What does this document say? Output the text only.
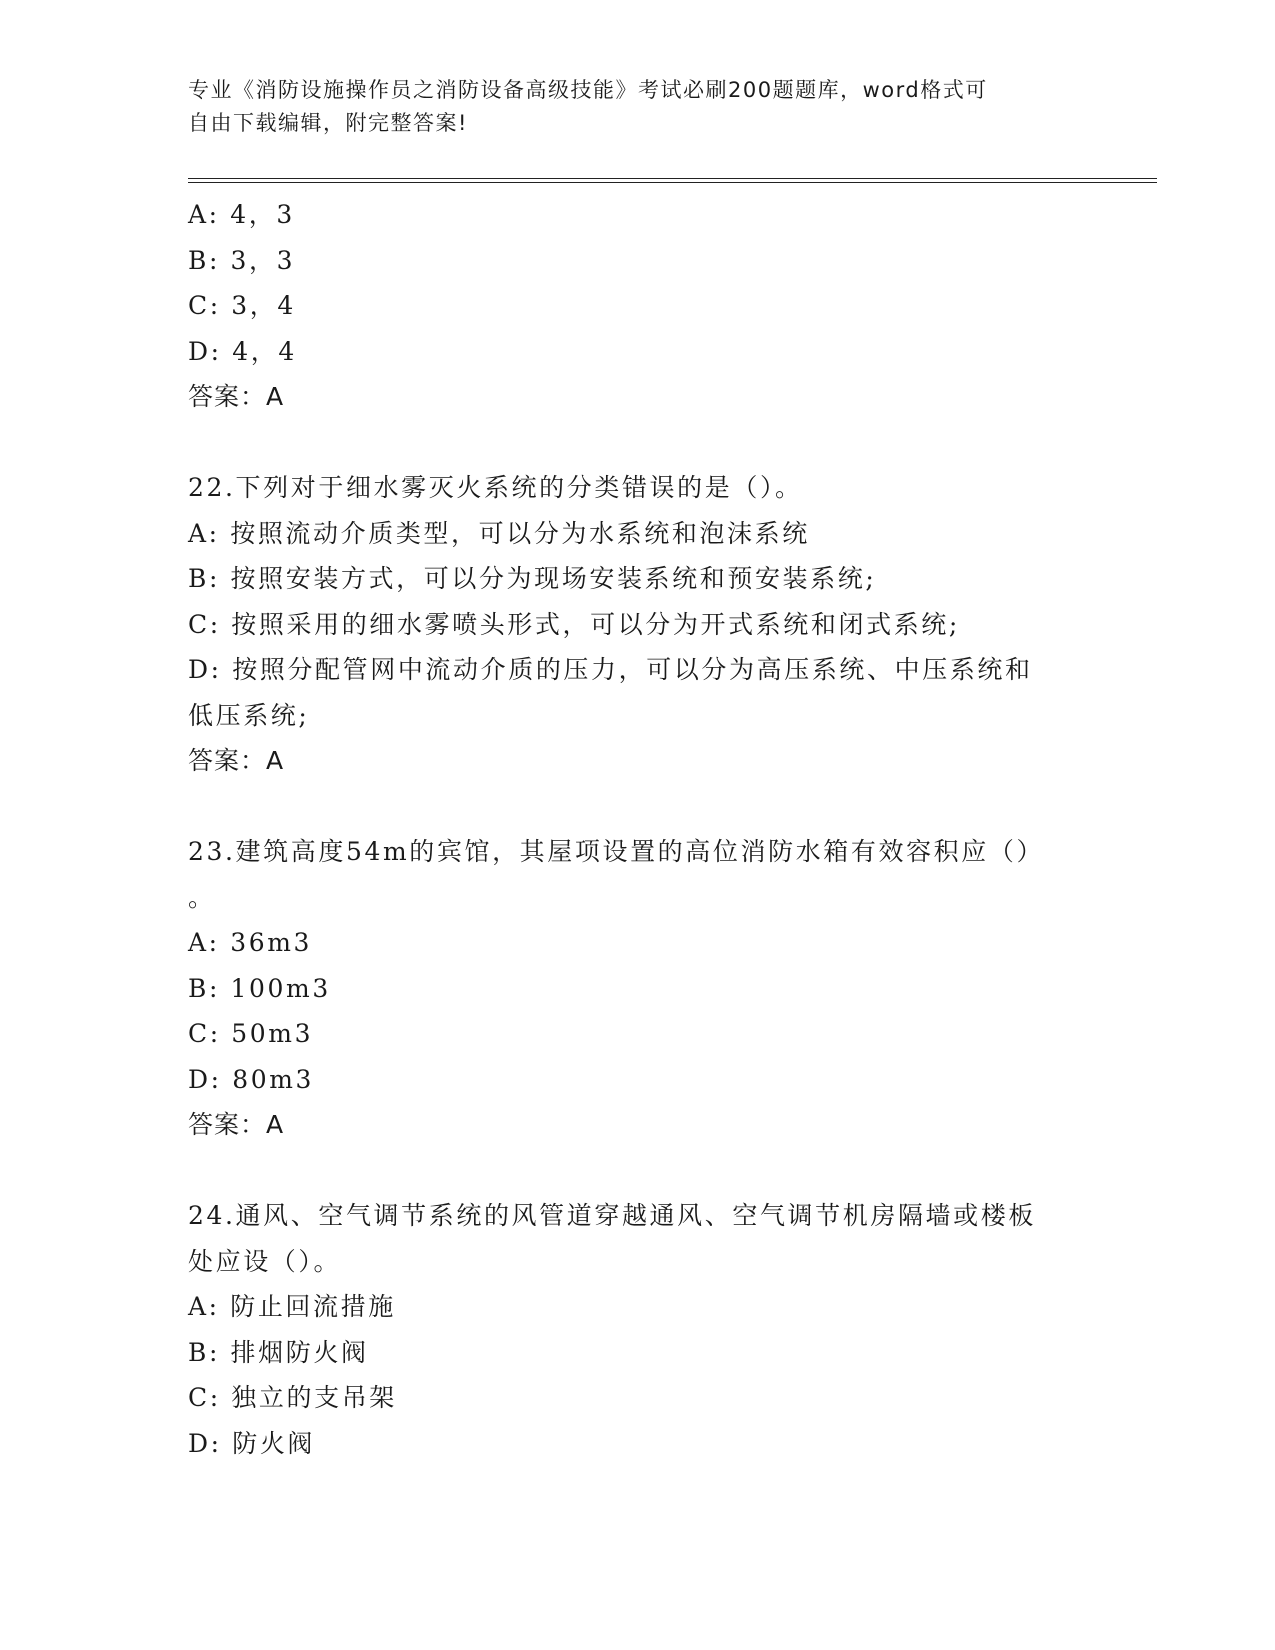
专业《消防设施操作员之消防设备高级技能》考试必刷200题题库，word格式可
自由下载编辑，附完整答案!
A: 4，3
B: 3，3
C: 3，4
D: 4，4
答案：A
22.下列对于细水雾灭火系统的分类错误的是（）。
A: 按照流动介质类型，可以分为水系统和泡沫系统
B: 按照安装方式，可以分为现场安装系统和预安装系统;
C: 按照采用的细水雾喷头形式，可以分为开式系统和闭式系统;
D: 按照分配管网中流动介质的压力，可以分为高压系统、中压系统和
低压系统;
答案：A
23.建筑高度54m的宾馆，其屋项设置的高位消防水箱有效容积应（）
。
A: 36m3
B: 100m3
C: 50m3
D: 80m3
答案：A
24.通风、空气调节系统的风管道穿越通风、空气调节机房隔墙或楼板
处应设（）。
A: 防止回流措施
B: 排烟防火阀
C: 独立的支吊架
D: 防火阀
